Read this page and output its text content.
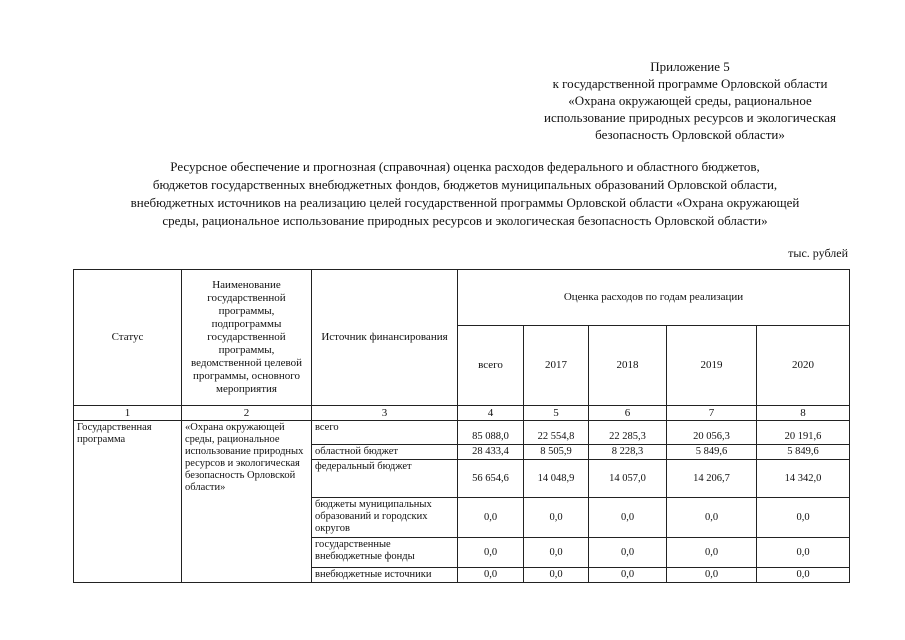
Приложение 5
к государственной программе Орловской области
«Охрана окружающей среды, рациональное
использование природных ресурсов и экологическая
безопасность Орловской области»
Ресурсное обеспечение и прогнозная (справочная) оценка расходов федерального и областного бюджетов,
бюджетов государственных внебюджетных фондов, бюджетов муниципальных образований Орловской области,
внебюджетных источников на реализацию целей государственной программы Орловской области «Охрана окружающей
среды, рациональное использование природных ресурсов и экологическая безопасность Орловской области»
тыс. рублей
Статус	Наименование государственной программы, подпрограммы государственной программы, ведомственной целевой программы, основного мероприятия	Источник финансирования	Оценка расходов по годам реализации				
			всего	2017	2018	2019	2020
1	2	3	4	5	6	7	8
Государственная программа	«Охрана окружающей среды, рациональное использование природных ресурсов и экологическая безопасность Орловской области»	всего	85 088,0	22 554,8	22 285,3	20 056,3	20 191,6
		областной бюджет	28 433,4	8 505,9	8 228,3	5 849,6	5 849,6
		федеральный бюджет	56 654,6	14 048,9	14 057,0	14 206,7	14 342,0
		бюджеты муниципальных образований и городских округов	0,0	0,0	0,0	0,0	0,0
		государственные внебюджетные фонды	0,0	0,0	0,0	0,0	0,0
		внебюджетные источники	0,0	0,0	0,0	0,0	0,0
